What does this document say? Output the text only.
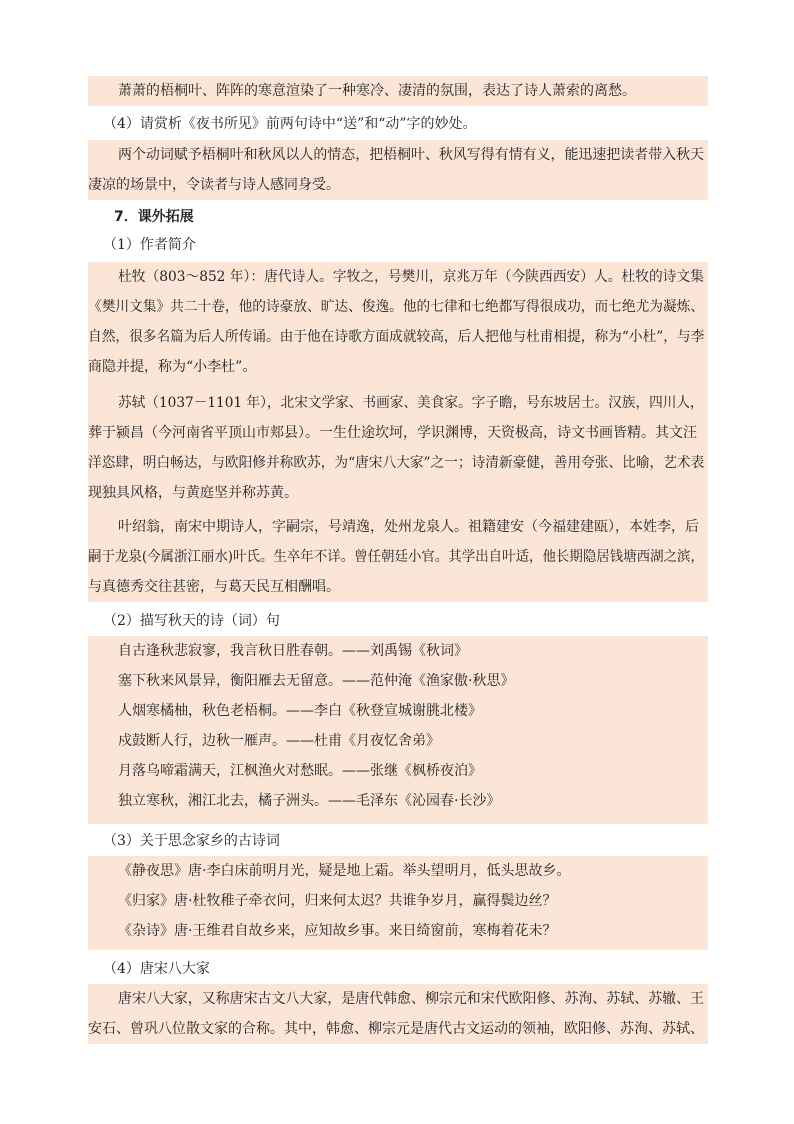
萧萧的梧桐叶、阵阵的寒意渲染了一种寒冷、凄清的氛围，表达了诗人萧索的离愁。
（4）请赏析《夜书所见》前两句诗中“送”和“动”字的妙处。
两个动词赋予梧桐叶和秋风以人的情态，把梧桐叶、秋风写得有情有义，能迅速把读者带入秋天
凄凉的场景中，令读者与诗人感同身受。
7．课外拓展
（1）作者简介
杜牧（803～852 年）：唐代诗人。字牧之，号樊川，京兆万年（今陕西西安）人。杜牧的诗文集
《樊川文集》共二十卷，他的诗豪放、旷达、俊逸。他的七律和七绝都写得很成功，而七绝尤为凝炼、
自然，很多名篇为后人所传诵。由于他在诗歌方面成就较高，后人把他与杜甫相提，称为“小杜”，与李
商隐并提，称为“小李杜”。
苏轼（1037－1101 年），北宋文学家、书画家、美食家。字子瞻，号东坡居士。汉族，四川人，
葬于颍昌（今河南省平顶山市郏县）。一生仕途坎坷，学识渊博，天资极高，诗文书画皆精。其文汪
洋恣肆，明白畅达，与欧阳修并称欧苏，为“唐宋八大家”之一；诗清新豪健，善用夸张、比喻，艺术表
现独具风格，与黄庭坚并称苏黄。
叶绍翁，南宋中期诗人，字嗣宗，号靖逸，处州龙泉人。祖籍建安（今福建建瓯），本姓李，后
嗣于龙泉(今属浙江丽水)叶氏。生卒年不详。曾任朝廷小官。其学出自叶适，他长期隐居钱塘西湖之滨，
与真德秀交往甚密，与葛天民互相酬唱。
（2）描写秋天的诗（词）句
自古逢秋悲寂寥，我言秋日胜春朝。——刘禹锡《秋词》
塞下秋来风景异，衡阳雁去无留意。——范仲淹《渔家傲·秋思》
人烟寒橘柚，秋色老梧桐。——李白《秋登宣城谢朓北楼》
戍鼓断人行，边秋一雁声。——杜甫《月夜忆舍弟》
月落乌啼霜满天，江枫渔火对愁眠。——张继《枫桥夜泊》
独立寒秋，湘江北去，橘子洲头。——毛泽东《沁园春·长沙》
（3）关于思念家乡的古诗词
《静夜思》唐·李白床前明月光，疑是地上霜。举头望明月，低头思故乡。
《归家》唐·杜牧稚子牵衣问，归来何太迟？共谁争岁月，赢得鬓边丝？
《杂诗》唐·王维君自故乡来，应知故乡事。来日绮窗前，寒梅着花未？
（4）唐宋八大家
唐宋八大家，又称唐宋古文八大家，是唐代韩愈、柳宗元和宋代欧阳修、苏洵、苏轼、苏辙、王
安石、曾巩八位散文家的合称。其中，韩愈、柳宗元是唐代古文运动的领袖，欧阳修、苏洵、苏轼、
